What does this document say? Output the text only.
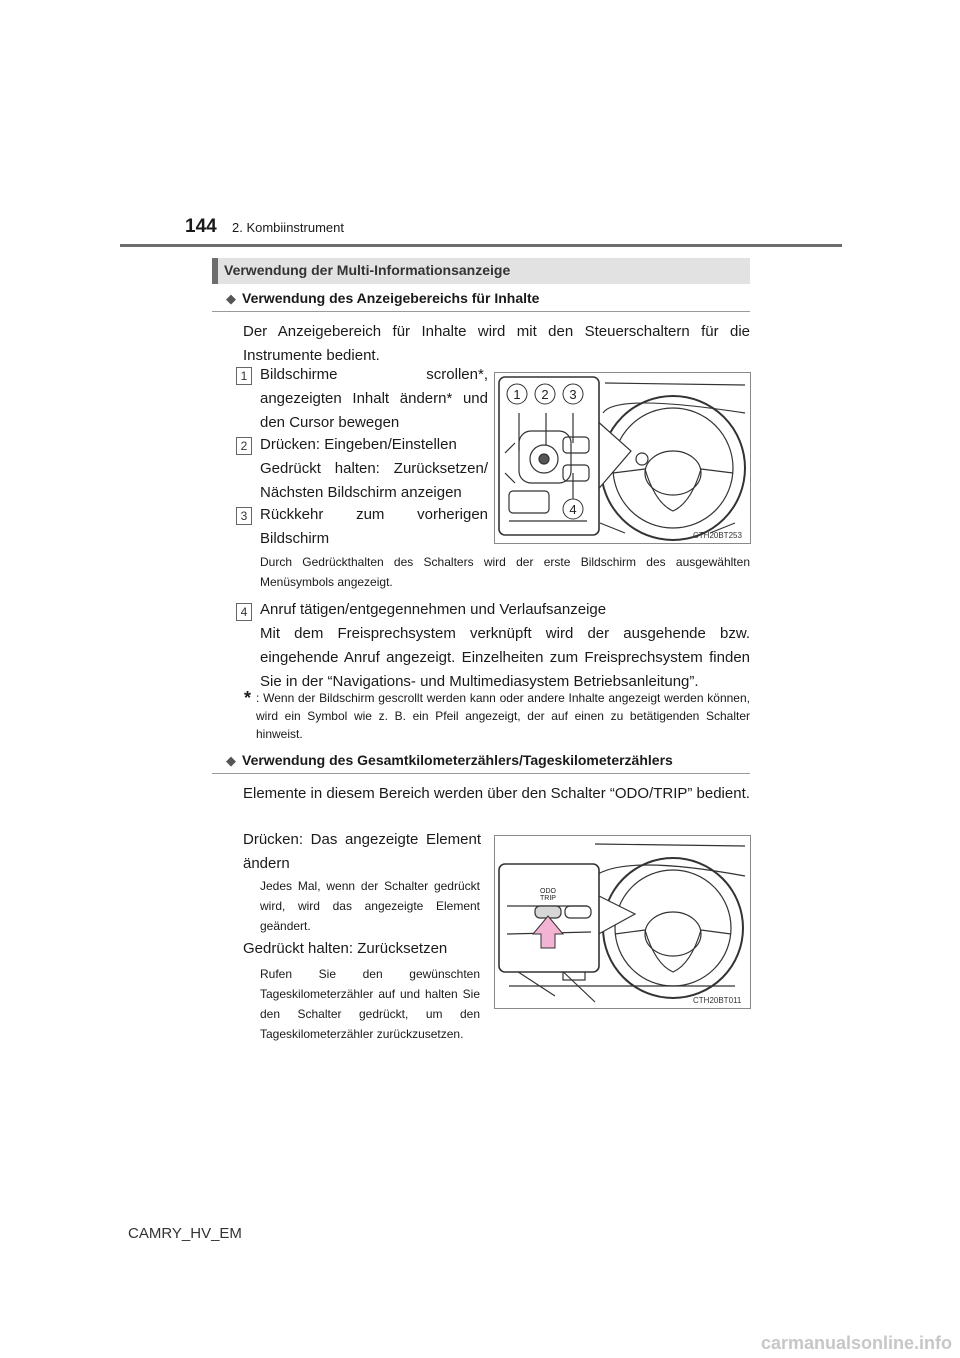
144 2. Kombiinstrument
Verwendung der Multi-Informationsanzeige
◆ Verwendung des Anzeigebereichs für Inhalte
Der Anzeigebereich für Inhalte wird mit den Steuerschaltern für die Instrumente bedient.
1 Bildschirme scrollen*, angezeigten Inhalt ändern* und den Cursor bewegen
2 Drücken: Eingeben/Einstellen
Gedrückt halten: Zurücksetzen/ Nächsten Bildschirm anzeigen
3 Rückkehr zum vorherigen Bildschirm
1 2 3
4
CTH20BT253
Durch Gedrückthalten des Schalters wird der erste Bildschirm des ausgewählten Menüsymbols angezeigt.
4 Anruf tätigen/entgegennehmen und Verlaufsanzeige
Mit dem Freisprechsystem verknüpft wird der ausgehende bzw. eingehende Anruf angezeigt. Einzelheiten zum Freisprechsystem finden Sie in der “Navigations- und Multimediasystem Betriebsanleitung”.
* : Wenn der Bildschirm gescrollt werden kann oder andere Inhalte angezeigt werden können, wird ein Symbol wie z. B. ein Pfeil angezeigt, der auf einen zu betätigenden Schalter hinweist.
◆ Verwendung des Gesamtkilometerzählers/Tageskilometerzählers
Elemente in diesem Bereich werden über den Schalter “ODO/TRIP” bedient.
Drücken: Das angezeigte Element ändern
Jedes Mal, wenn der Schalter gedrückt wird, wird das angezeigte Element geändert.
Gedrückt halten: Zurücksetzen
Rufen Sie den gewünschten Tageskilometerzähler auf und halten Sie den Schalter gedrückt, um den Tageskilometerzähler zurückzusetzen.
ODO
TRIP
CTH20BT011
CAMRY_HV_EM
carmanualsonline.info
